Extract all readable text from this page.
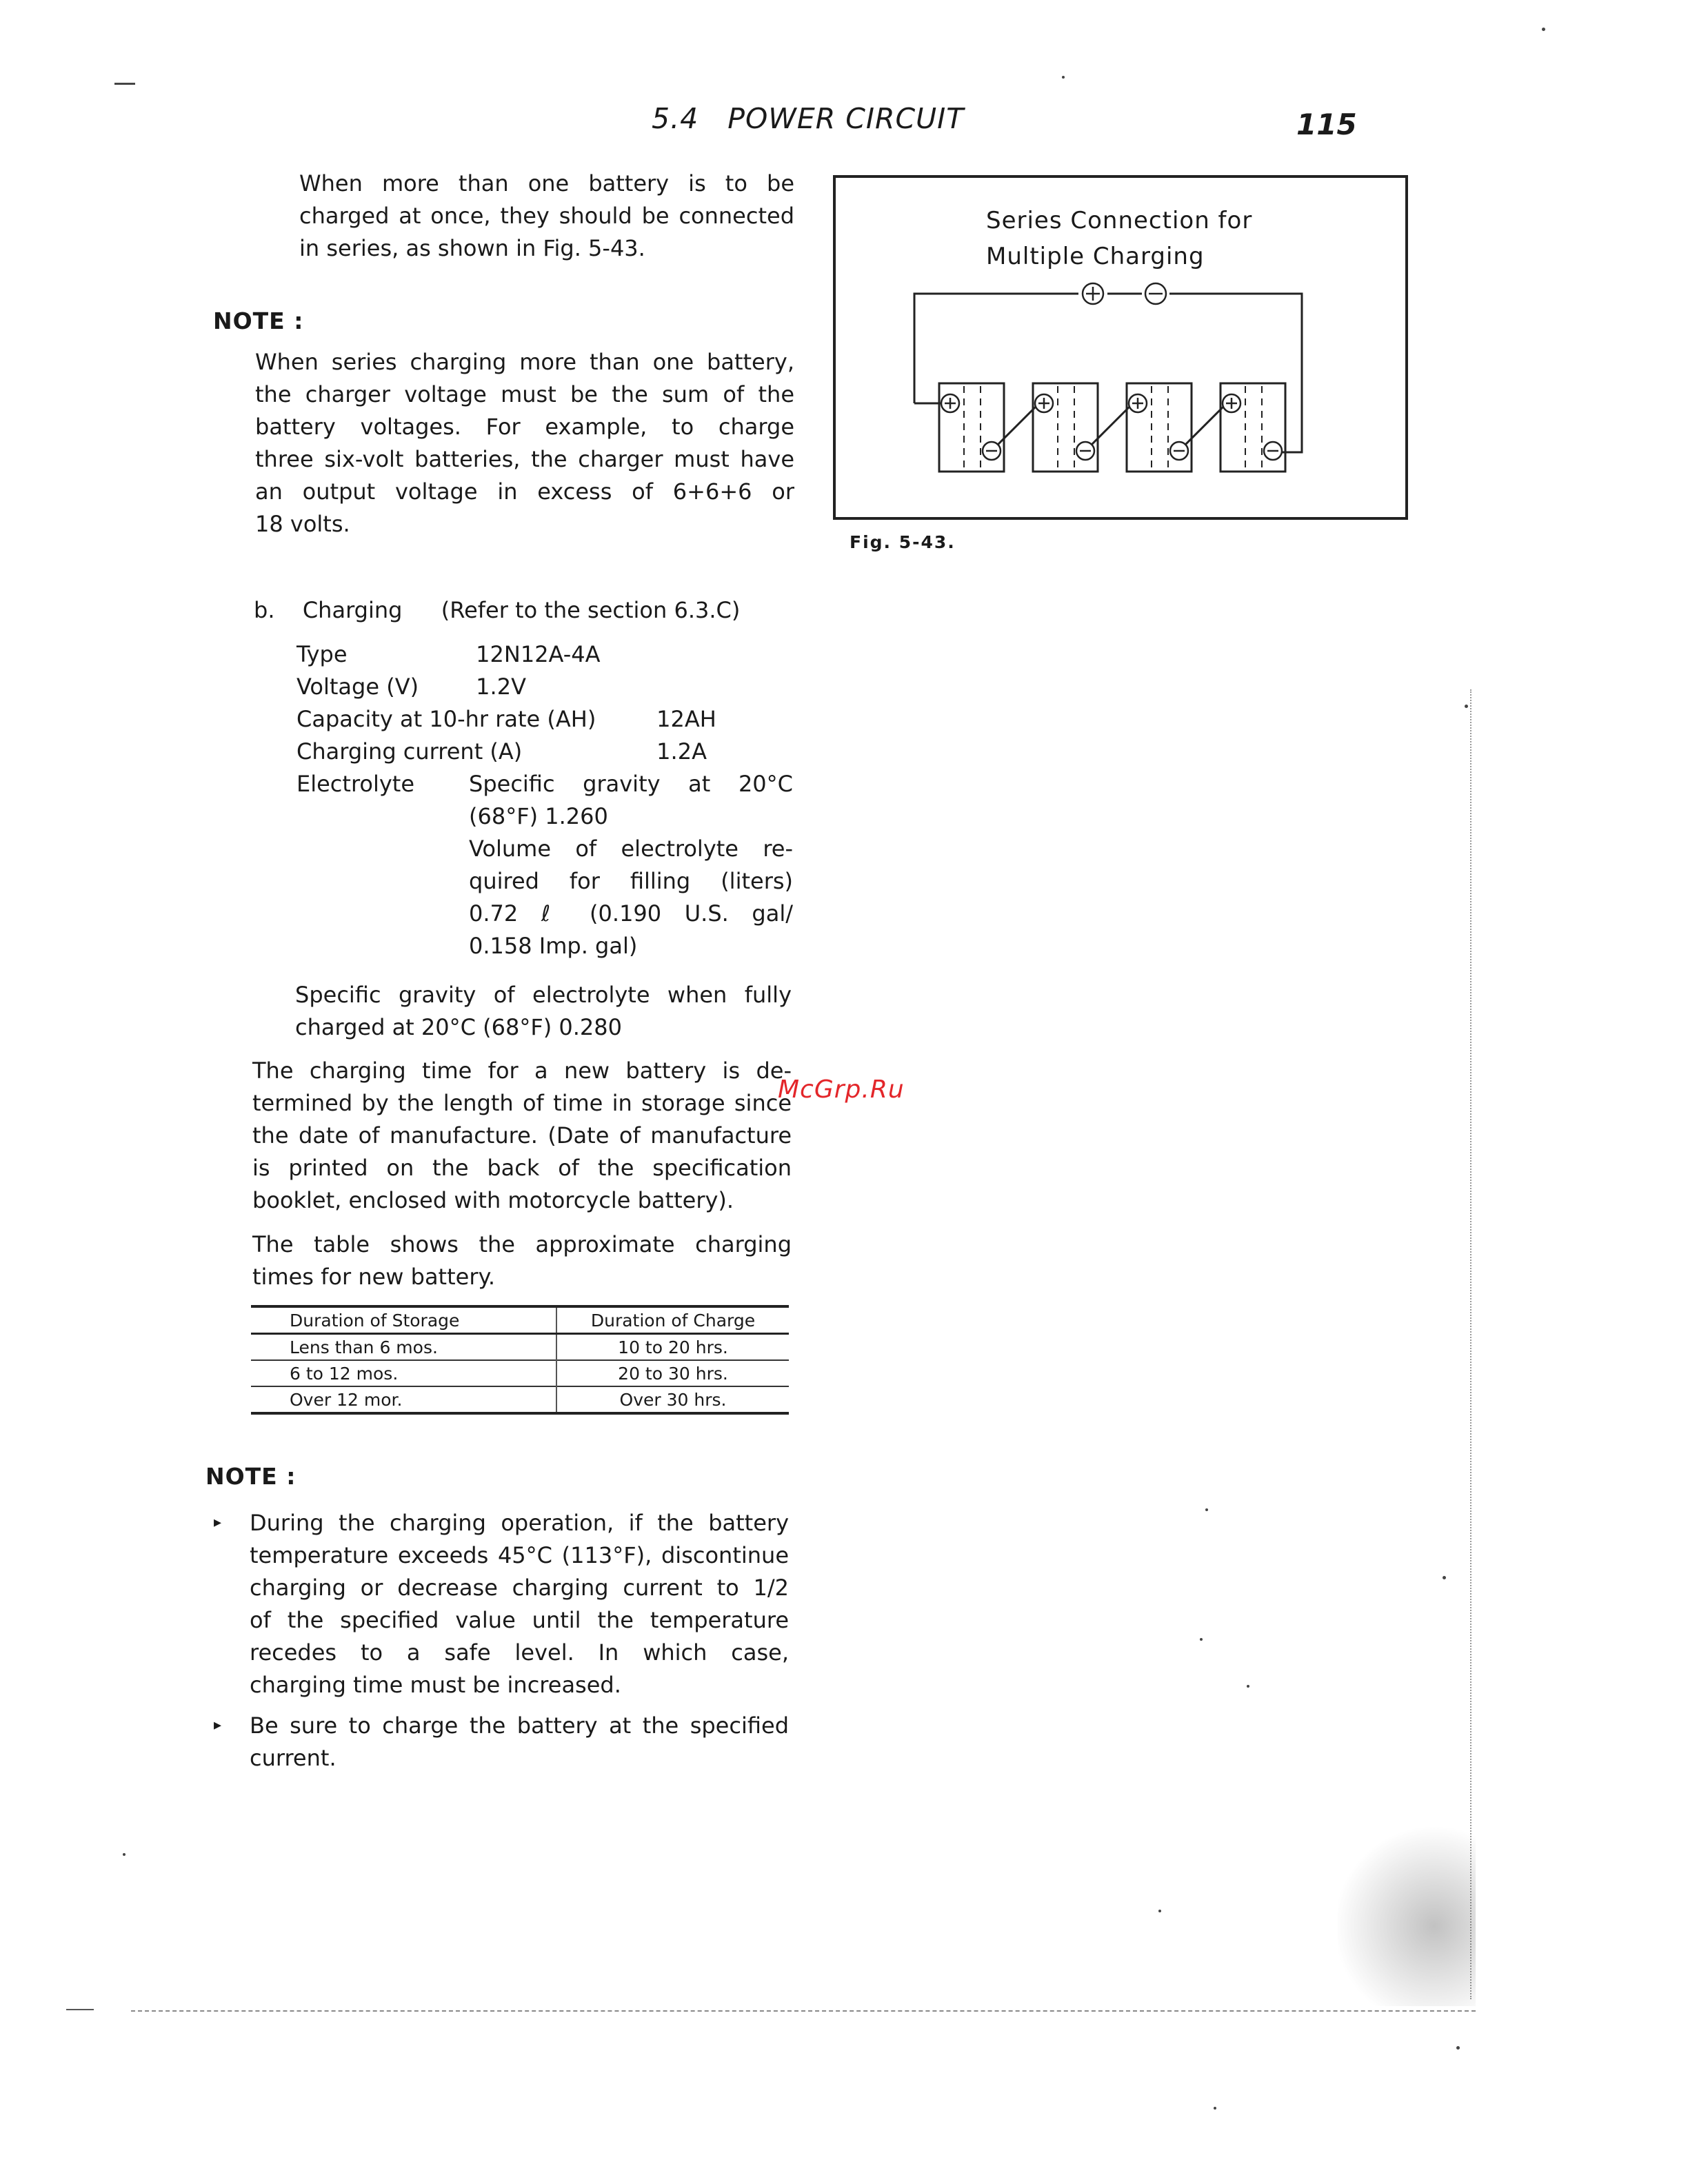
5.4   POWER CIRCUIT	115
When more than one battery is to be
charged at once, they should be connected
in series, as shown in Fig. 5-43.
NOTE :
When series charging more than one battery,
the charger voltage must be the sum of the
battery voltages. For example, to charge
three six-volt batteries, the charger must have
an output voltage in excess of 6+6+6 or
18 volts.
Series Connection for
Multiple Charging
Fig. 5-43.
b. Charging (Refer to the section 6.3.C)
Type	12N12A-4A
Voltage (V)	1.2V
Capacity at 10-hr rate (AH)	12AH
Charging current (A)	1.2A
Electrolyte Specific gravity at 20°C
(68°F) 1.260
Volume of electrolyte re-
quired for filling (liters)
0.72 ℓ (0.190 U.S. gal/
0.158 Imp. gal)
Specific gravity of electrolyte when fully
charged at 20°C (68°F) 0.280
The charging time for a new battery is de-
termined by the length of time in storage since
the date of manufacture. (Date of manufacture
is printed on the back of the specification
booklet, enclosed with motorcycle battery).
The table shows the approximate charging
times for new battery.
Duration of Storage	Duration of Charge
Lens than 6 mos.	10 to 20 hrs.
6 to 12 mos.	20 to 30 hrs.
Over 12 mor.	Over 30 hrs.
NOTE :
▸ During the charging operation, if the battery
temperature exceeds 45°C (113°F), discontinue
charging or decrease charging current to 1/2
of the specified value until the temperature
recedes to a safe level. In which case,
charging time must be increased.
▸ Be sure to charge the battery at the specified
current.
McGrp.Ru
